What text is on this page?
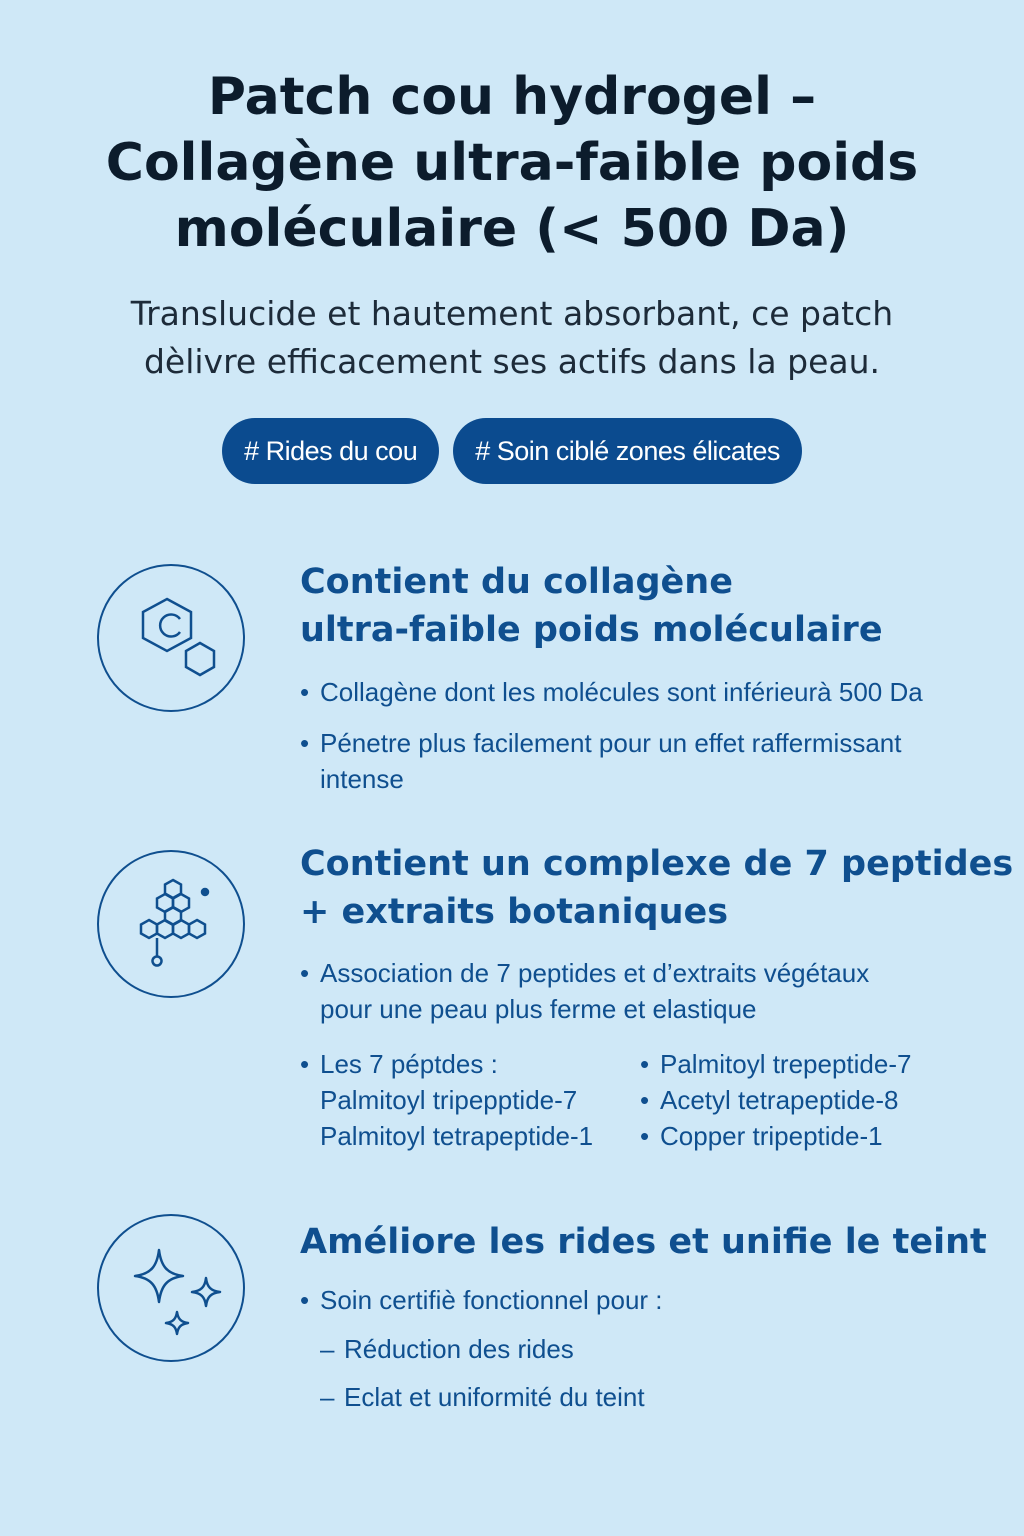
Patch cou hydrogel –
Collagène ultra-faible poids
moléculaire (< 500 Da)
Translucide et hautement absorbant, ce patch
dèlivre efficacement ses actifs dans la peau.
# Rides du cou	# Soin ciblé zones élicates
Contient du collagène
ultra-faible poids moléculaire
• Collagène dont les molécules sont inférieurà 500 Da
• Pénetre plus facilement pour un effet raffermissant
intense
Contient un complexe de 7 peptides
+ extraits botaniques
• Association de 7 peptides et d’extraits végétaux
pour une peau plus ferme et elastique
• Les 7 péptdes :
Palmitoyl tripepptide-7
Palmitoyl tetrapeptide-1
• Palmitoyl trepeptide-7
• Acetyl tetrapeptide-8
• Copper tripeptide-1
Améliore les rides et unifie le teint
• Soin certifiè fonctionnel pour :
– Réduction des rides
– Eclat et uniformité du teint
